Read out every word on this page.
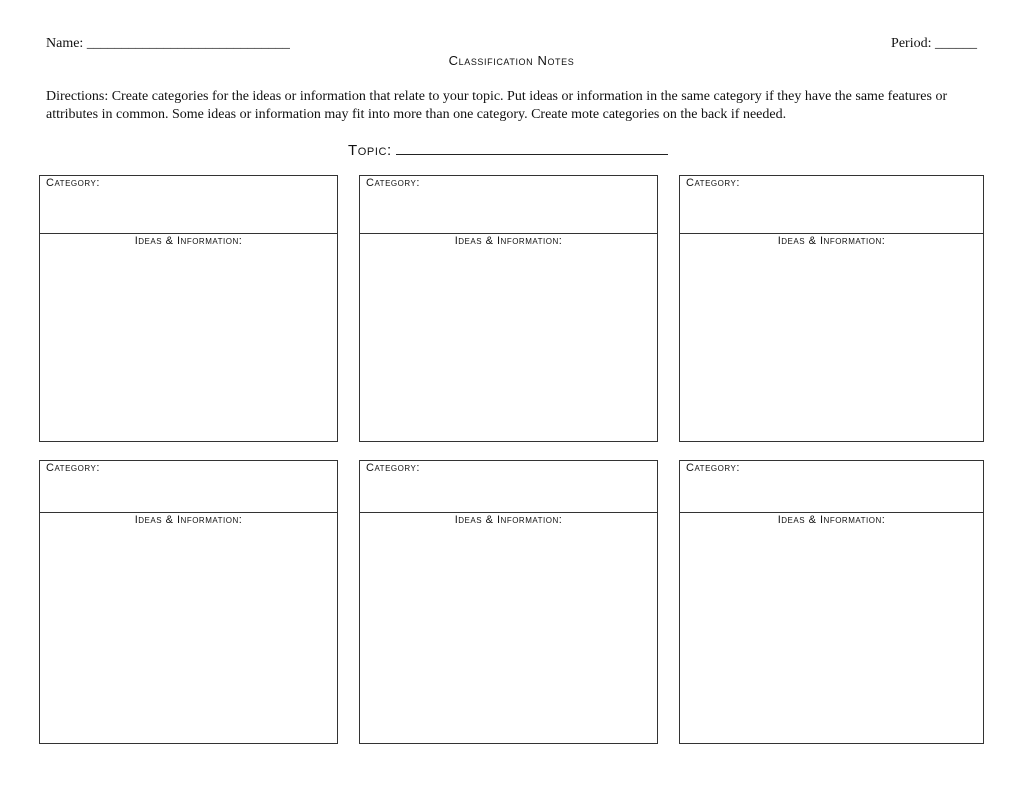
Name: _____________________________	Period: ______
Classification Notes
Directions: Create categories for the ideas or information that relate to your topic. Put ideas or information in the same category if they have the same features or attributes in common. Some ideas or information may fit into more than one category. Create mote categories on the back if needed.
Topic:
Category:
Ideas & Information:
Category:
Ideas & Information:
Category:
Ideas & Information:
Category:
Ideas & Information:
Category:
Ideas & Information:
Category:
Ideas & Information:
